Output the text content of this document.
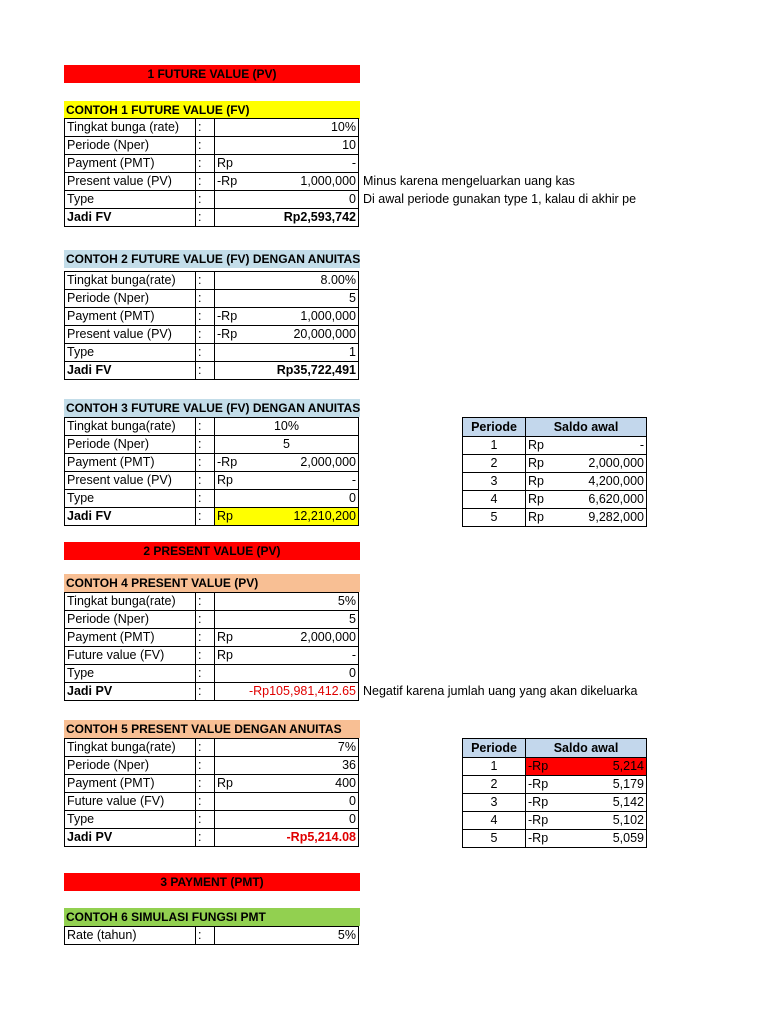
1 FUTURE VALUE (PV)
CONTOH 1 FUTURE VALUE (FV)
Tingkat bunga (rate)	:	10%
Periode (Nper)	:	10
Payment (PMT)	:	Rp -

Present value (PV)	:	-Rp 1,000,000

Type	:	0
Jadi FV	:	Rp2,593,742
Minus karena mengeluarkan uang kas
Di awal periode gunakan type 1, kalau di akhir pe
CONTOH 2 FUTURE VALUE (FV) DENGAN ANUITAS
Tingkat bunga(rate)	:	8.00%
Periode (Nper)	:	5
Payment (PMT)	:	-Rp 1,000,000

Present value (PV)	:	-Rp 20,000,000

Type	:	1
Jadi FV	:	Rp35,722,491
CONTOH 3 FUTURE VALUE (FV) DENGAN ANUITAS
Tingkat bunga(rate)	:	10%
Periode (Nper)	:	5
Payment (PMT)	:	-Rp 2,000,000

Present value (PV)	:	Rp -

Type	:	0
Jadi FV	:	Rp 12,210,200
Periode	Saldo awal	
1	Rp	-
2	Rp	2,000,000
3	Rp	4,200,000
4	Rp	6,620,000
5	Rp	9,282,000
2 PRESENT VALUE (PV)
CONTOH 4 PRESENT VALUE (PV)
Tingkat bunga(rate)	:	5%
Periode (Nper)	:	5
Payment (PMT)	:	Rp 2,000,000

Future value (FV)	:	Rp -

Type	:	0
Jadi PV	:	-Rp105,981,412.65 Negatif karena jumlah uang yang akan dikeluarka
CONTOH 5 PRESENT VALUE DENGAN ANUITAS
Tingkat bunga(rate)	:	7%
Periode (Nper)	:	36
Payment (PMT)	:	Rp 400

Future value (FV)	:	0
Type	:	0
Jadi PV	:	-Rp5,214.08
Periode	Saldo awal	
1	-Rp	5,214
2	-Rp	5,179
3	-Rp	5,142
4	-Rp	5,102
5	-Rp	5,059
3 PAYMENT (PMT)
CONTOH 6 SIMULASI FUNGSI PMT
Rate (tahun)	:	5%
